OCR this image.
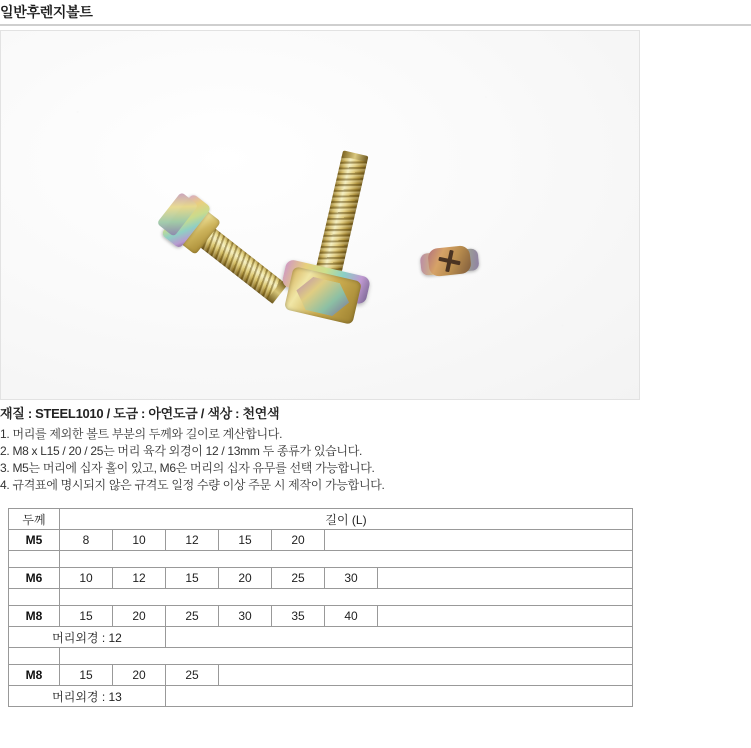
일반후렌지볼트
재질 : STEEL1010 / 도금 : 아연도금 / 색상 : 천연색
1. 머리를 제외한 볼트 부분의 두께와 길이로 계산합니다.
2. M8 x L15 / 20 / 25는 머리 육각 외경이 12 / 13mm 두 종류가 있습니다.
3. M5는 머리에 십자 홀이 있고, M6은 머리의 십자 유무를 선택 가능합니다.
4. 규격표에 명시되지 않은 규격도 일정 수량 이상 주문 시 제작이 가능합니다.
두께	길이 (L)						
M5	8	10	12	15	20		

M6	10	12	15	20	25	30	

M8	15	20	25	30	35	40	
머리외경 : 12							

M8	15	20	25				
머리외경 : 13							
